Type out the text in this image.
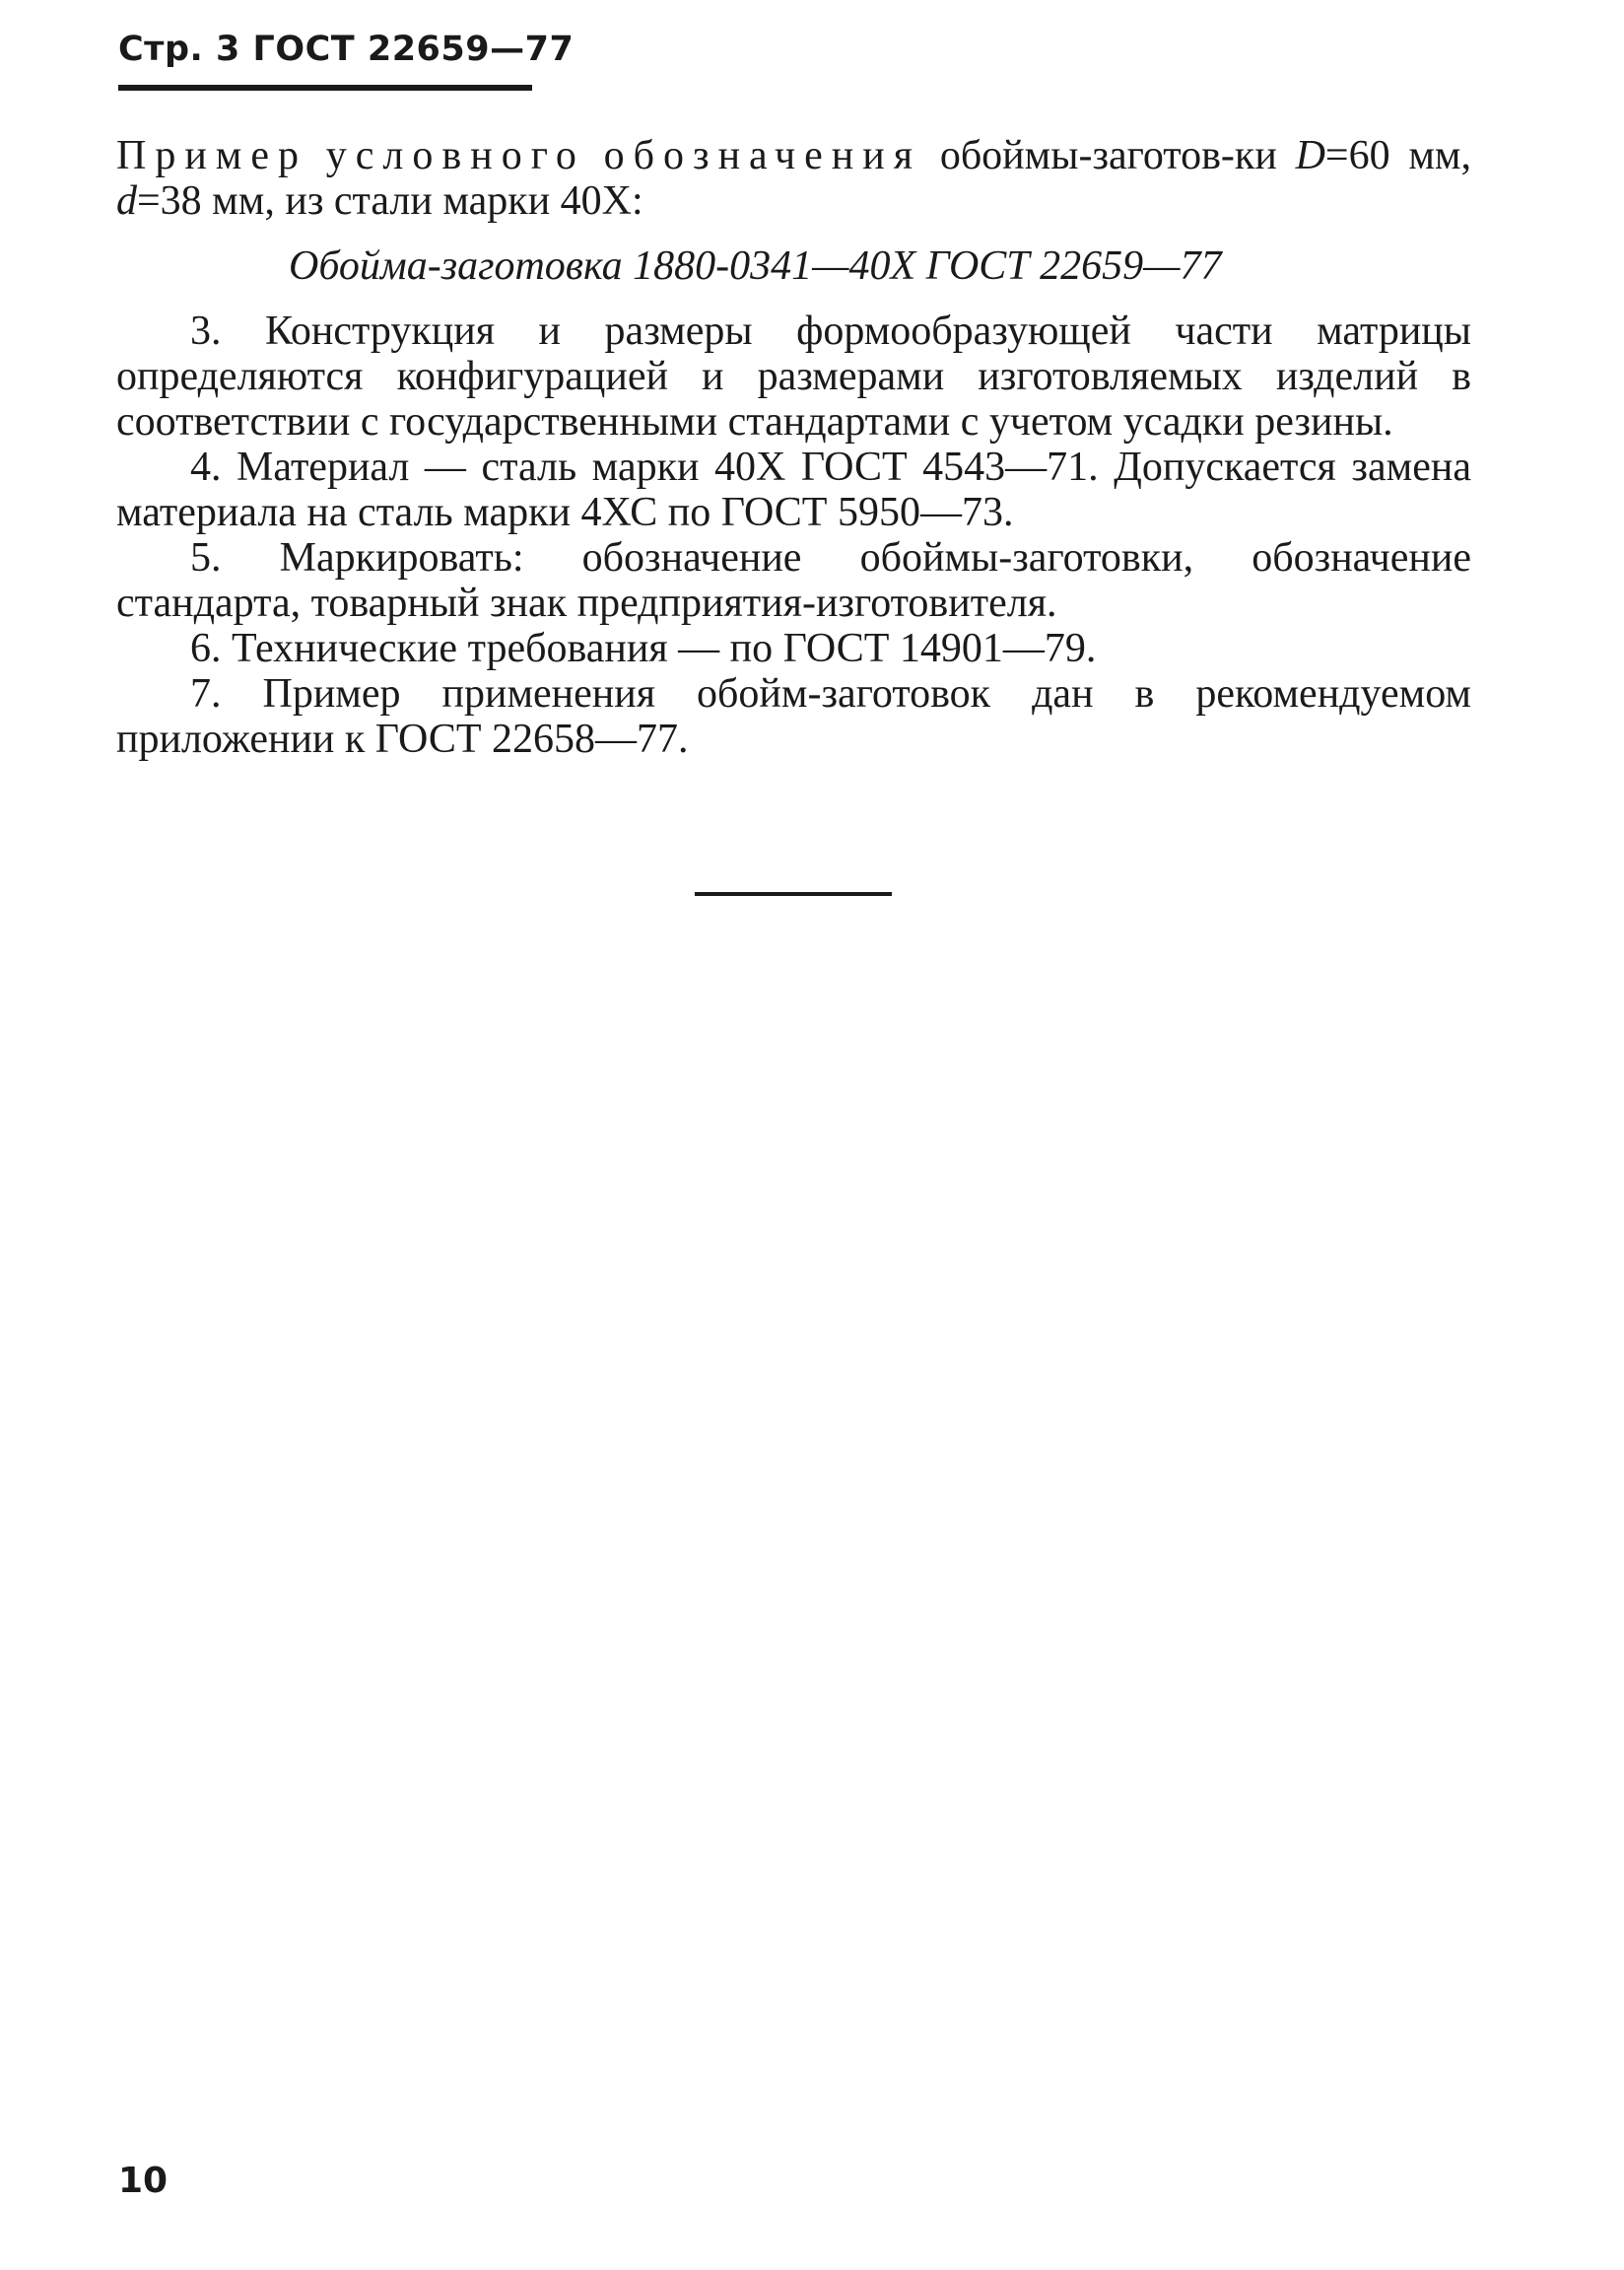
Стр. 3 ГОСТ 22659—77

Пример условного обозначения обоймы-заготов-ки D=60 мм, d=38 мм, из стали марки 40Х:

Обойма-заготовка 1880-0341—40Х ГОСТ 22659—77

3. Конструкция и размеры формообразующей части матрицы определяются конфигурацией и размерами изготовляемых изделий в соответствии с государственными стандартами с учетом усадки резины.

4. Материал — сталь марки 40Х ГОСТ 4543—71. Допускается замена материала на сталь марки 4ХС по ГОСТ 5950—73.

5. Маркировать: обозначение обоймы-заготовки, обозначение стандарта, товарный знак предприятия-изготовителя.

6. Технические требования — по ГОСТ 14901—79.

7. Пример применения обойм-заготовок дан в рекомендуемом приложении к ГОСТ 22658—77.

10
